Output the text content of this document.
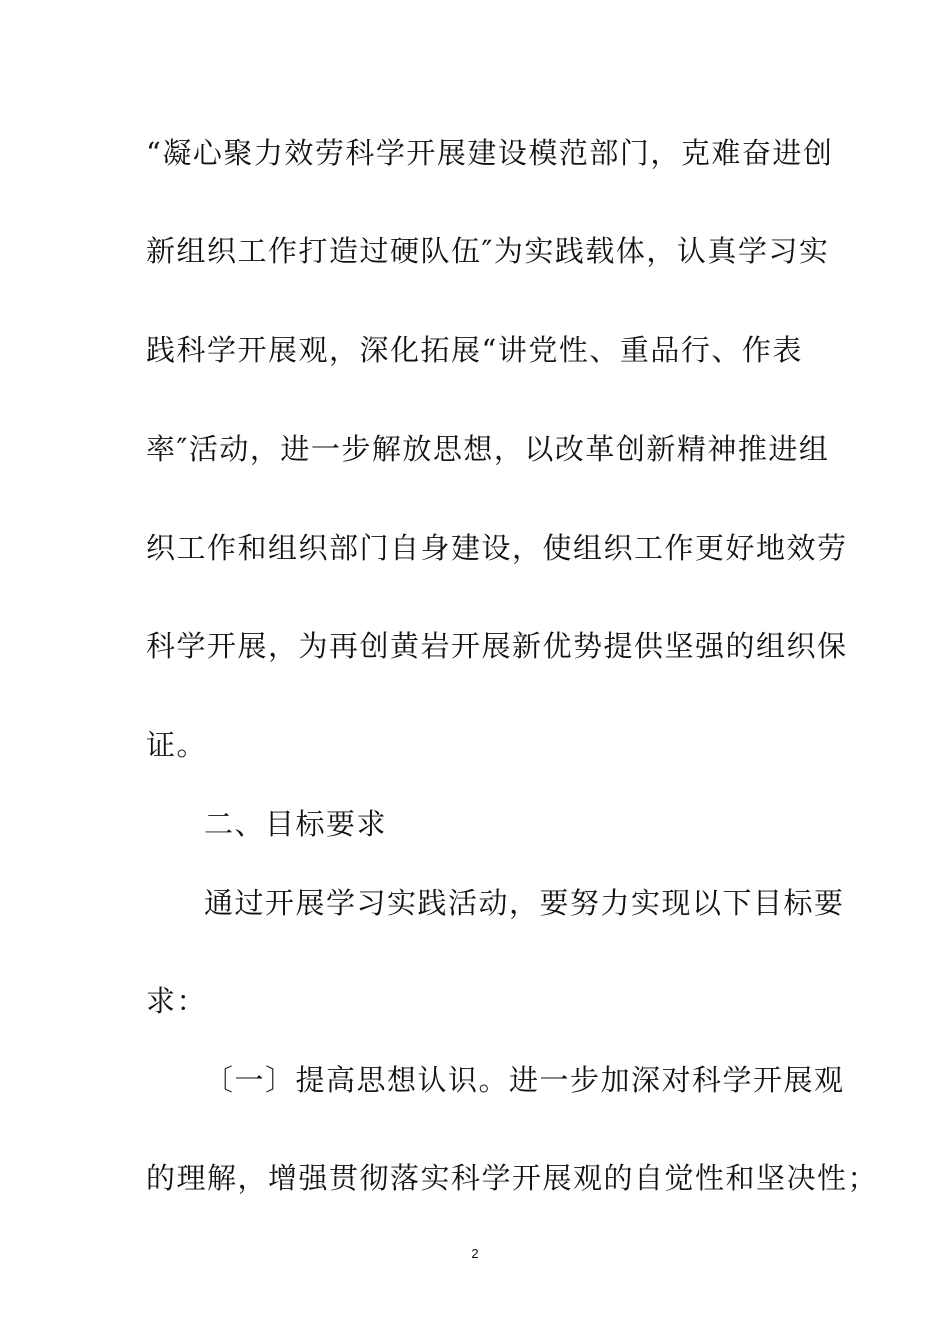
“凝心聚力效劳科学开展建设模范部门，克难奋进创
新组织工作打造过硬队伍″为实践载体，认真学习实
践科学开展观，深化拓展“讲党性、重品行、作表
率″活动，进一步解放思想，以改革创新精神推进组
织工作和组织部门自身建设，使组织工作更好地效劳
科学开展，为再创黄岩开展新优势提供坚强的组织保
证。
二、目标要求
通过开展学习实践活动，要努力实现以下目标要
求：
〔一〕提高思想认识。进一步加深对科学开展观
的理解，增强贯彻落实科学开展观的自觉性和坚决性；
2
